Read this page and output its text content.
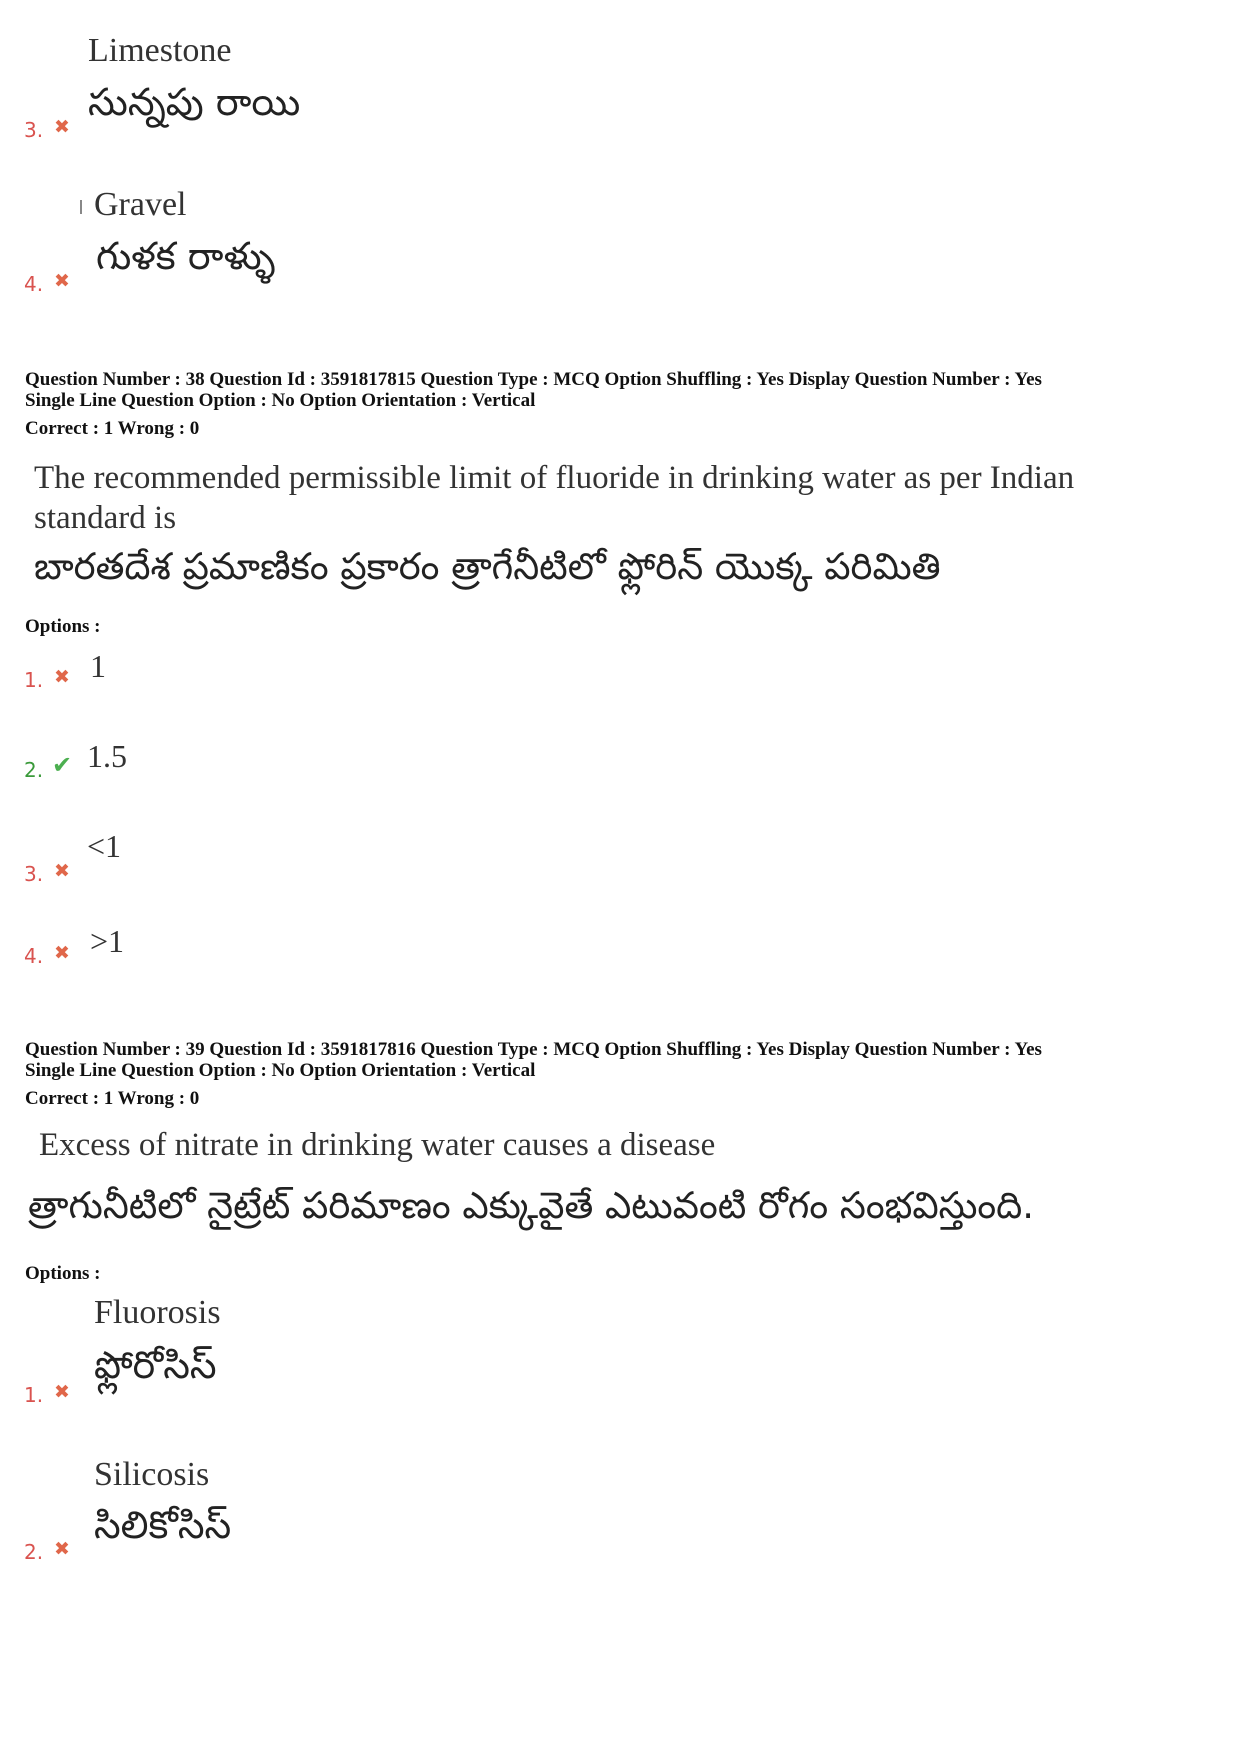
Limestone
సున్నపు రాయి
3. ✖
Gravel
గుళక రాళ్ళు
4. ✖
Question Number : 38 Question Id : 3591817815 Question Type : MCQ Option Shuffling : Yes Display Question Number : Yes
Single Line Question Option : No Option Orientation : Vertical
Correct : 1 Wrong : 0
The recommended permissible limit of fluoride in drinking water as per Indian standard is
బారతదేశ ప్రమాణికం ప్రకారం త్రాగేనీటిలో ఫ్లోరిన్ యొక్క పరిమితి
Options :
1. ✖ 1
2. ✔ 1.5
3. ✖
<1
4. ✖ >1
Question Number : 39 Question Id : 3591817816 Question Type : MCQ Option Shuffling : Yes Display Question Number : Yes
Single Line Question Option : No Option Orientation : Vertical
Correct : 1 Wrong : 0
Excess of nitrate in drinking water causes a disease
త్రాగునీటిలో నైట్రేట్ పరిమాణం ఎక్కువైతే ఎటువంటి రోగం సంభవిస్తుంది.
Options :
Fluorosis
ఫ్లోరోసిస్
1. ✖
Silicosis
సిలికోసిస్
2. ✖
